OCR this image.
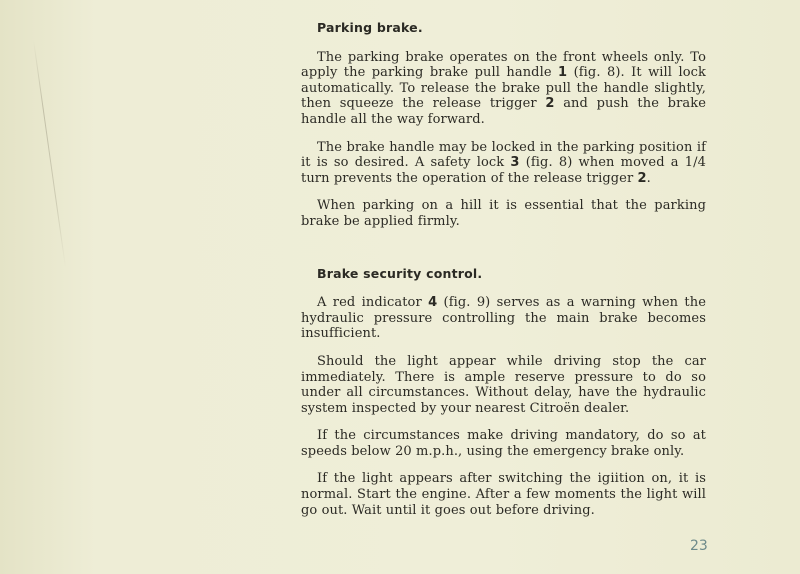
Parking brake.

The parking brake operates on the front wheels only. To apply the parking brake pull handle 1 (fig. 8). It will lock automatically. To release the brake pull the handle slightly, then squeeze the release trigger 2 and push the brake handle all the way forward.

The brake handle may be locked in the parking position if it is so desired. A safety lock 3 (fig. 8) when moved a 1/4 turn prevents the operation of the release trigger 2.

When parking on a hill it is essential that the parking brake be applied firmly.

Brake security control.

A red indicator 4 (fig. 9) serves as a warning when the hydraulic pressure controlling the main brake becomes insufficient.

Should the light appear while driving stop the car immediately. There is ample reserve pressure to do so under all circumstances. Without delay, have the hydraulic system inspected by your nearest Citroën dealer.

If the circumstances make driving mandatory, do so at speeds below 20 m.p.h., using the emergency brake only.

If the light appears after switching the igiition on, it is normal. Start the engine. After a few moments the light will go out. Wait until it goes out before driving.

23
